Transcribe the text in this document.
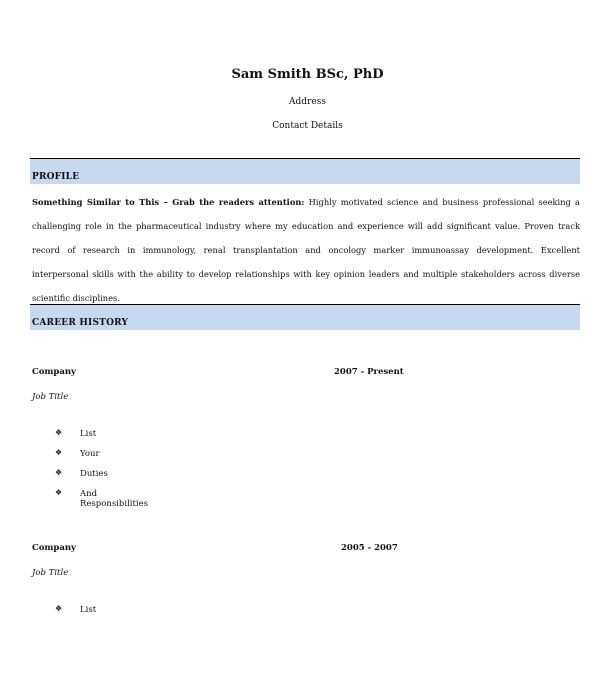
Sam Smith BSc, PhD
Address
Contact Details
PROFILE
Something Similar to This – Grab the readers attention: Highly motivated science and business professional seeking a challenging role in the pharmaceutical industry where my education and experience will add significant value. Proven track record of research in immunology, renal transplantation and oncology marker immunoassay development. Excellent interpersonal skills with the ability to develop relationships with key opinion leaders and multiple stakeholders across diverse scientific disciplines.
CAREER HISTORY
Company	2007 - Present
Job Title
❖ List
❖ Your
❖ Duties
❖ And Responsibilities
Company	2005 - 2007
Job Title
❖ List
